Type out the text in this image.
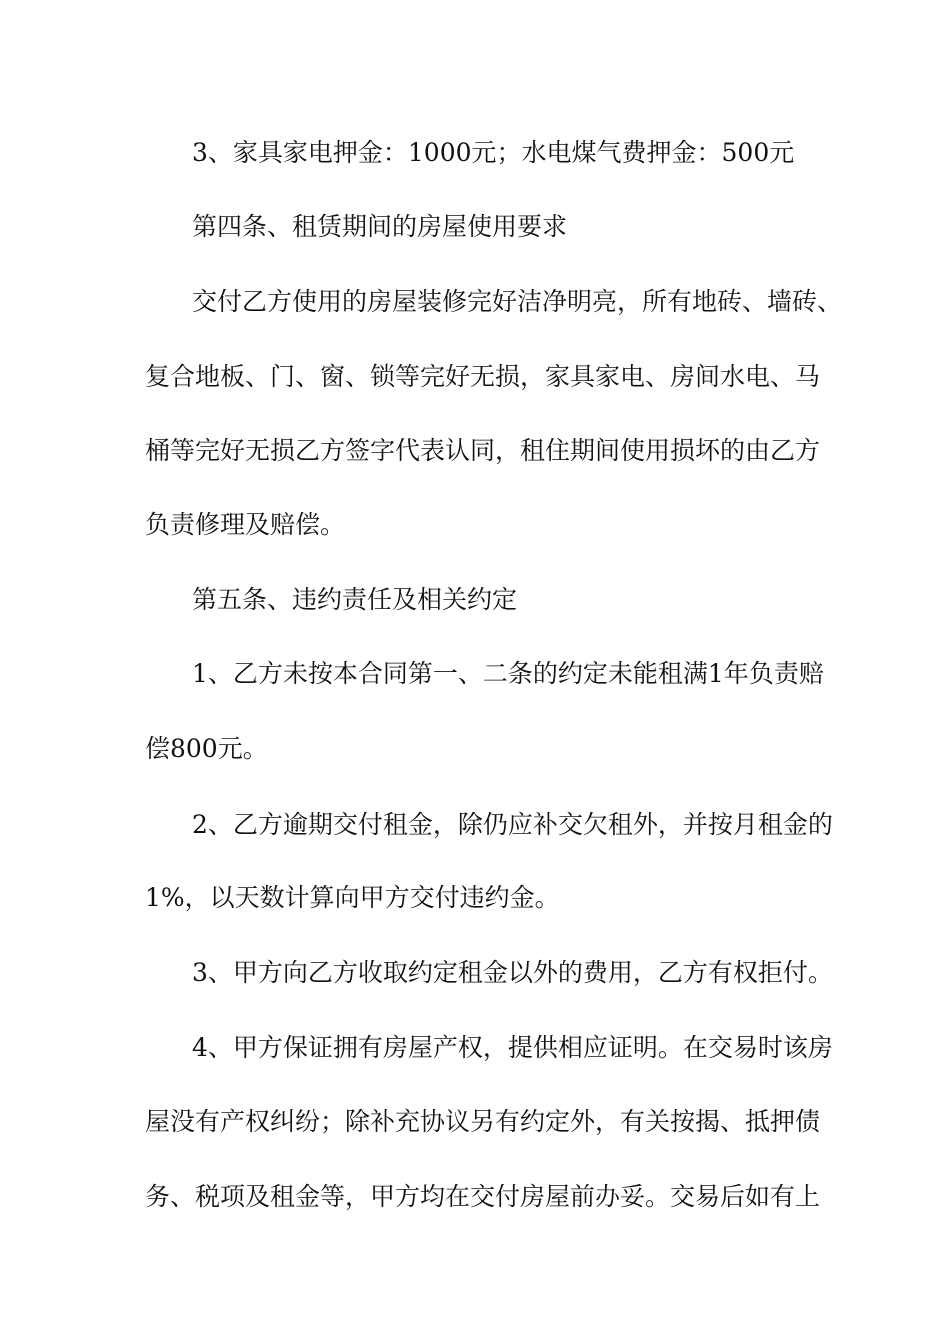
3、家具家电押金：1000元；水电煤气费押金：500元
第四条、租赁期间的房屋使用要求
交付乙方使用的房屋装修完好洁净明亮，所有地砖、墙砖、
复合地板、门、窗、锁等完好无损，家具家电、房间水电、马
桶等完好无损乙方签字代表认同，租住期间使用损坏的由乙方
负责修理及赔偿。
第五条、违约责任及相关约定
1、乙方未按本合同第一、二条的约定未能租满1年负责赔
偿800元。
2、乙方逾期交付租金，除仍应补交欠租外，并按月租金的
1%，以天数计算向甲方交付违约金。
3、甲方向乙方收取约定租金以外的费用，乙方有权拒付。
4、甲方保证拥有房屋产权，提供相应证明。在交易时该房
屋没有产权纠纷；除补充协议另有约定外，有关按揭、抵押债
务、税项及租金等，甲方均在交付房屋前办妥。交易后如有上
